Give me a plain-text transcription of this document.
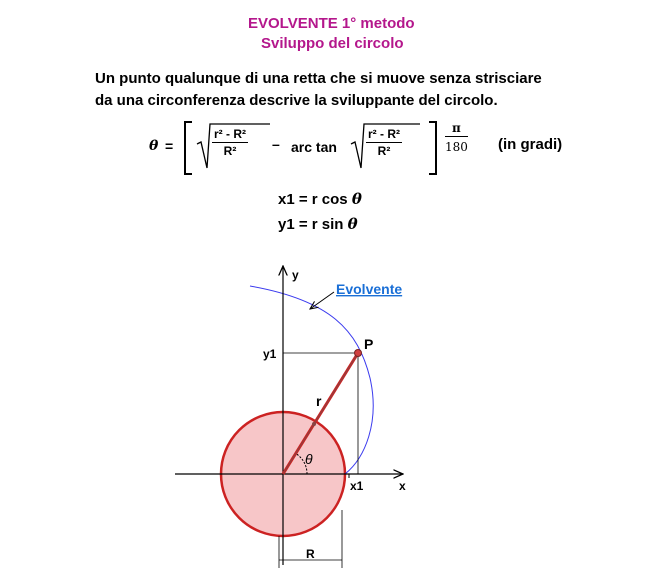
EVOLVENTE 1° metodo
Sviluppo del circolo
Un punto qualunque di una retta che si muove senza strisciare
da una circonferenza descrive la sviluppante del circolo.
θ =	$\frac{\text{r² - R²}}{\text{R²}}$ – arc $\tan \frac{\text{r² - R²}}{\text{R²}}$	$\frac{\pi}{180} (in$ gradi)
x1 = r cos θ
y1 = r sin θ
y
x
y1
x1
P
r
θ
R
Evolvente
